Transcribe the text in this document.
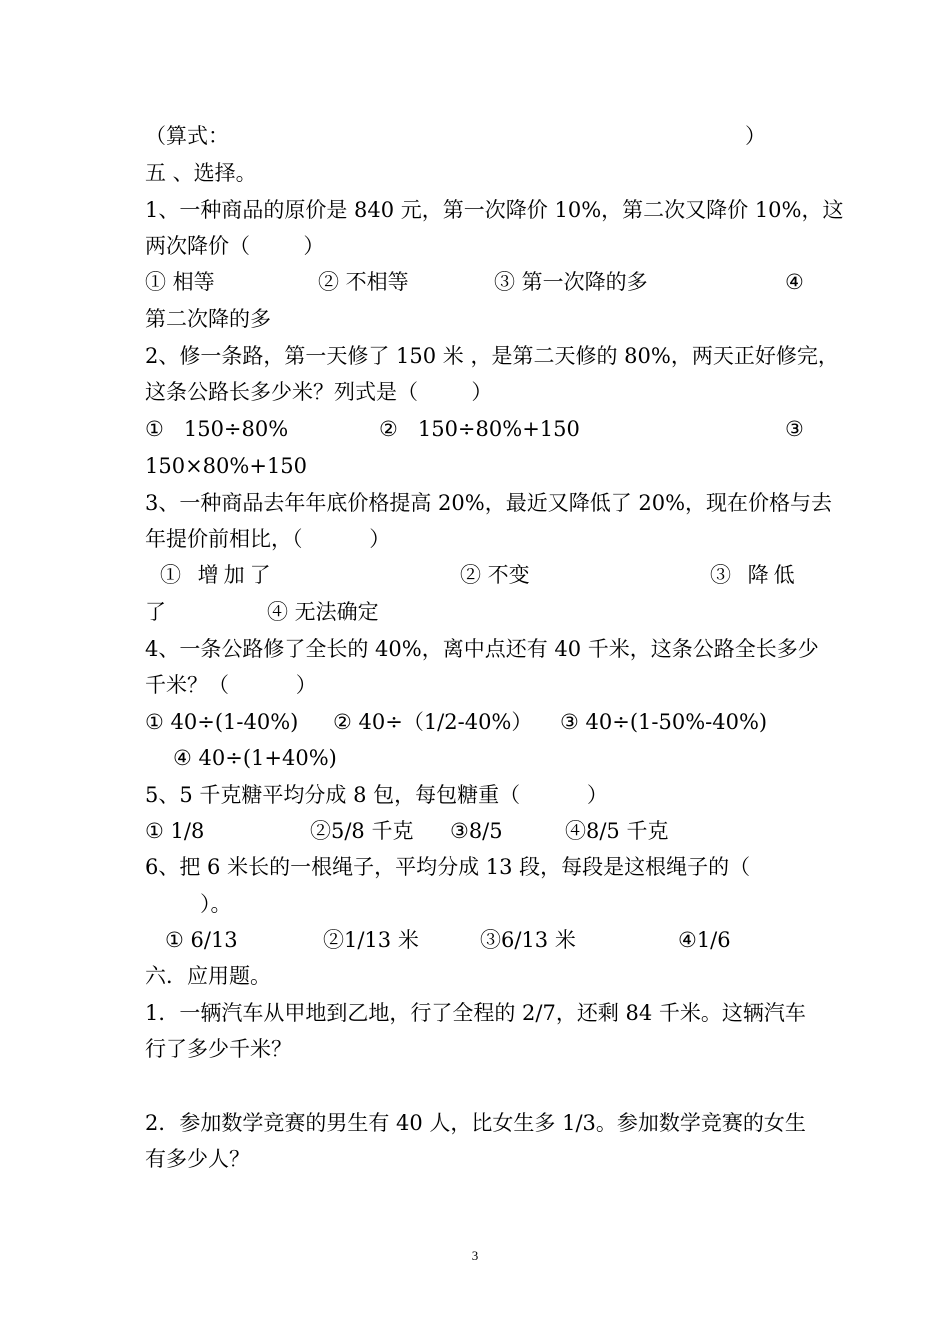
（算式：	）
五 、选择。
1、一种商品的原价是 840 元，第一次降价 10%，第二次又降价 10%，这
两次降价（        ）
① 相等	② 不相等	③ 第一次降的多	④
第二次降的多
2、修一条路，第一天修了 150 米 ，是第二天修的 80%，两天正好修完，
这条公路长多少米？列式是（        ）
①   150÷80%	②   150÷80%+150	③
150×80%+150
3、一种商品去年年底价格提高 20%，最近又降低了 20%，现在价格与去
年提价前相比，（          ）
① 增加了	② 不变	③ 降低
了	④ 无法确定
4、一条公路修了全长的 40%，离中点还有 40 千米，这条公路全长多少
千米？（          ）
① 40÷(1-40%) ② 40÷（1/2-40%） ③ 40÷(1-50%-40%)
④ 40÷(1+40%)
5、5 千克糖平均分成 8 包，每包糖重（          ）
① 1/8	②5/8 千克 ③8/5	④8/5 千克
6、把 6 米长的一根绳子，平均分成 13 段，每段是这根绳子的（
）。
① 6/13	②1/13 米	③6/13 米	④1/6
六．应用题。
1．一辆汽车从甲地到乙地，行了全程的 2/7，还剩 84 千米。这辆汽车
行了多少千米？
2．参加数学竞赛的男生有 40 人，比女生多 1/3。参加数学竞赛的女生
有多少人？
3
